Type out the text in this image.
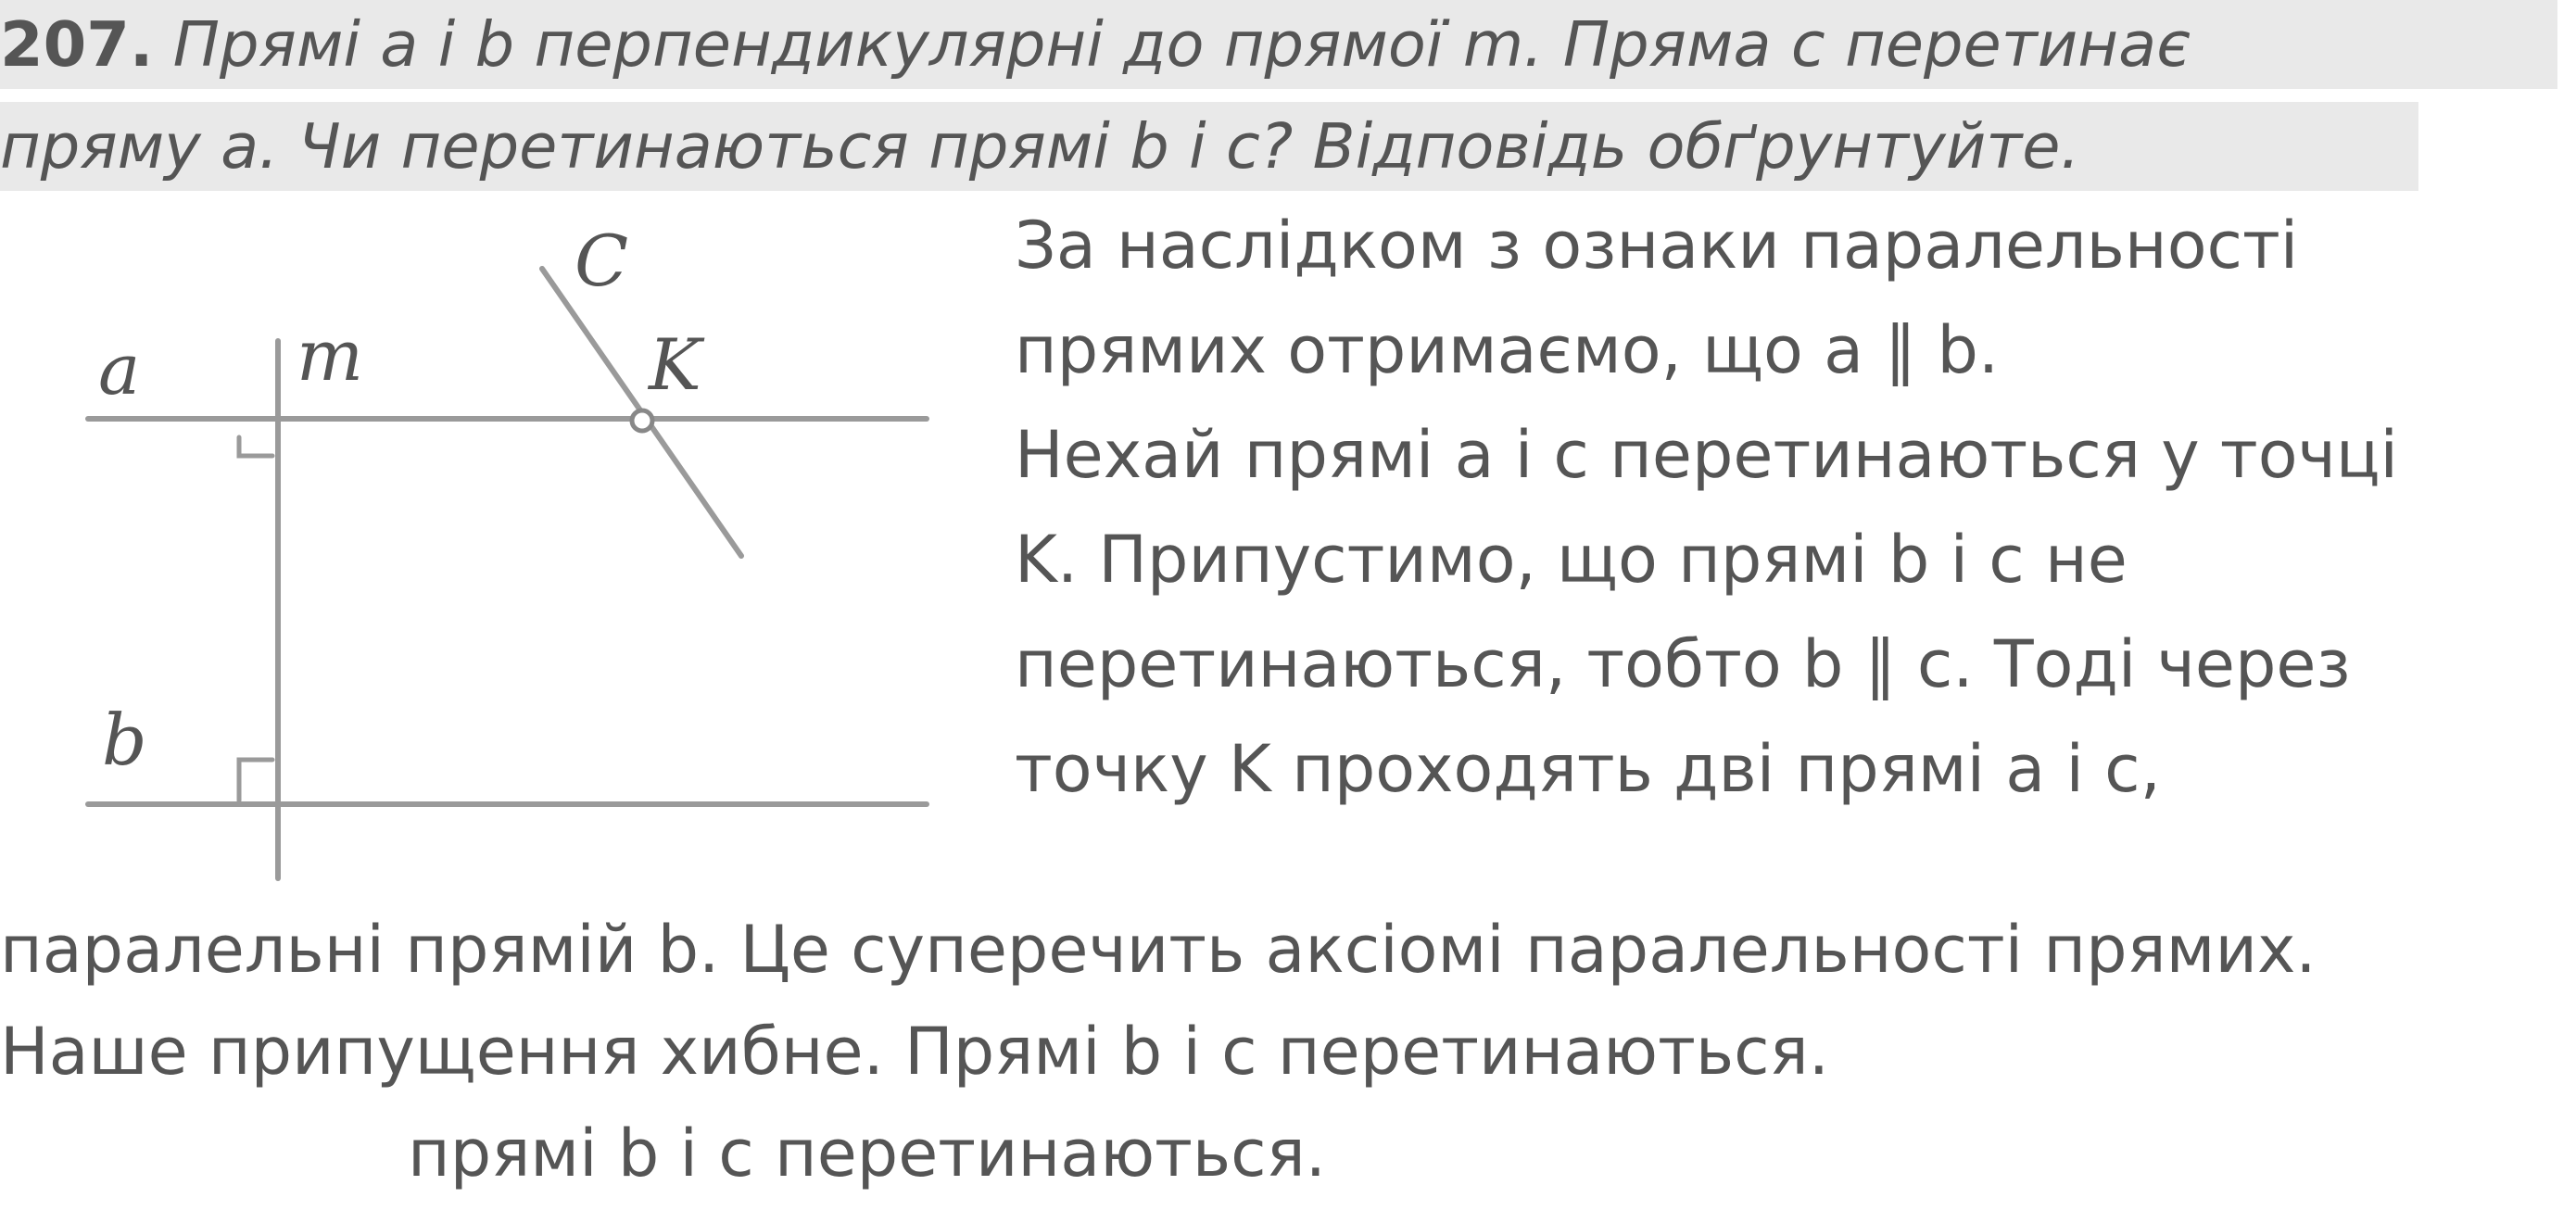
207. Прямі a і b перпендикулярні до прямої m. Пряма c перетинає
пряму a. Чи перетинаються прямі b і c? Відповідь обґрунтуйте.
a m
C
K
b

За наслідком з ознаки паралельності

прямих отримаємо, що a ∥ b.

Нехай прямі a і c перетинаються у точці

K. Припустимо, що прямі b і c не

перетинаються, тобто b ∥ c. Тоді через

точку K проходять дві прямі a і c,

паралельні прямій b. Це суперечить аксіомі паралельності прямих.

Наше припущення хибне. Прямі b і c перетинаються.

прямі b і c перетинаються.
